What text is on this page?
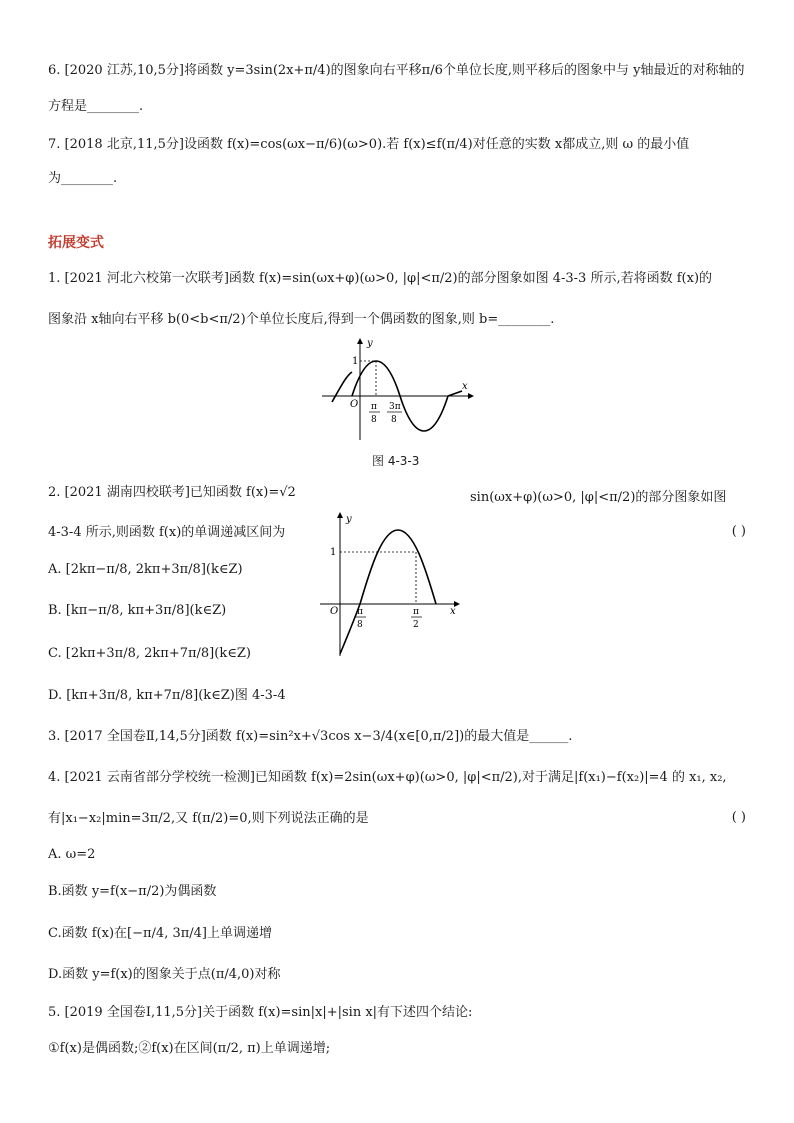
6. [2020 江苏,10,5分]将函数 y=3sin(2x+π/4)的图象向右平移π/6个单位长度,则平移后的图象中与 y轴最近的对称轴的
方程是________.
7. [2018 北京,11,5分]设函数 f(x)=cos(ωx−π/6)(ω>0).若 f(x)≤f(π/4)对任意的实数 x都成立,则 ω 的最小值
为________.
拓展变式
1. [2021 河北六校第一次联考]函数 f(x)=sin(ωx+φ)(ω>0, |φ|<π/2)的部分图象如图 4-3-3 所示,若将函数 f(x)的
图象沿 x轴向右平移 b(0<b<π/2)个单位长度后,得到一个偶函数的图象,则 b=________.
1
O
y
x
π
8
3π
8
图 4-3-3
2. [2021 湖南四校联考]已知函数 f(x)=√2	sin(ωx+φ)(ω>0, |φ|<π/2)的部分图象如图
4-3-4 所示,则函数 f(x)的单调递减区间为	( )
A. [2kπ−π/8, 2kπ+3π/8](k∈Z)
B. [kπ−π/8, kπ+3π/8](k∈Z)
C. [2kπ+3π/8, 2kπ+7π/8](k∈Z)
D. [kπ+3π/8, kπ+7π/8](k∈Z)图 4-3-4
1
O
y
x
π
8
π
2
3. [2017 全国卷Ⅱ,14,5分]函数 f(x)=sin²x+√3cos x−3/4(x∈[0,π/2])的最大值是______.
4. [2021 云南省部分学校统一检测]已知函数 f(x)=2sin(ωx+φ)(ω>0, |φ|<π/2),对于满足|f(x₁)−f(x₂)|=4 的 x₁, x₂,
有|x₁−x₂|min=3π/2,又 f(π/2)=0,则下列说法正确的是	( )
A. ω=2
B.函数 y=f(x−π/2)为偶函数
C.函数 f(x)在[−π/4, 3π/4]上单调递增
D.函数 y=f(x)的图象关于点(π/4,0)对称
5. [2019 全国卷Ⅰ,11,5分]关于函数 f(x)=sin|x|+|sin x|有下述四个结论:
①f(x)是偶函数;②f(x)在区间(π/2, π)上单调递增;
